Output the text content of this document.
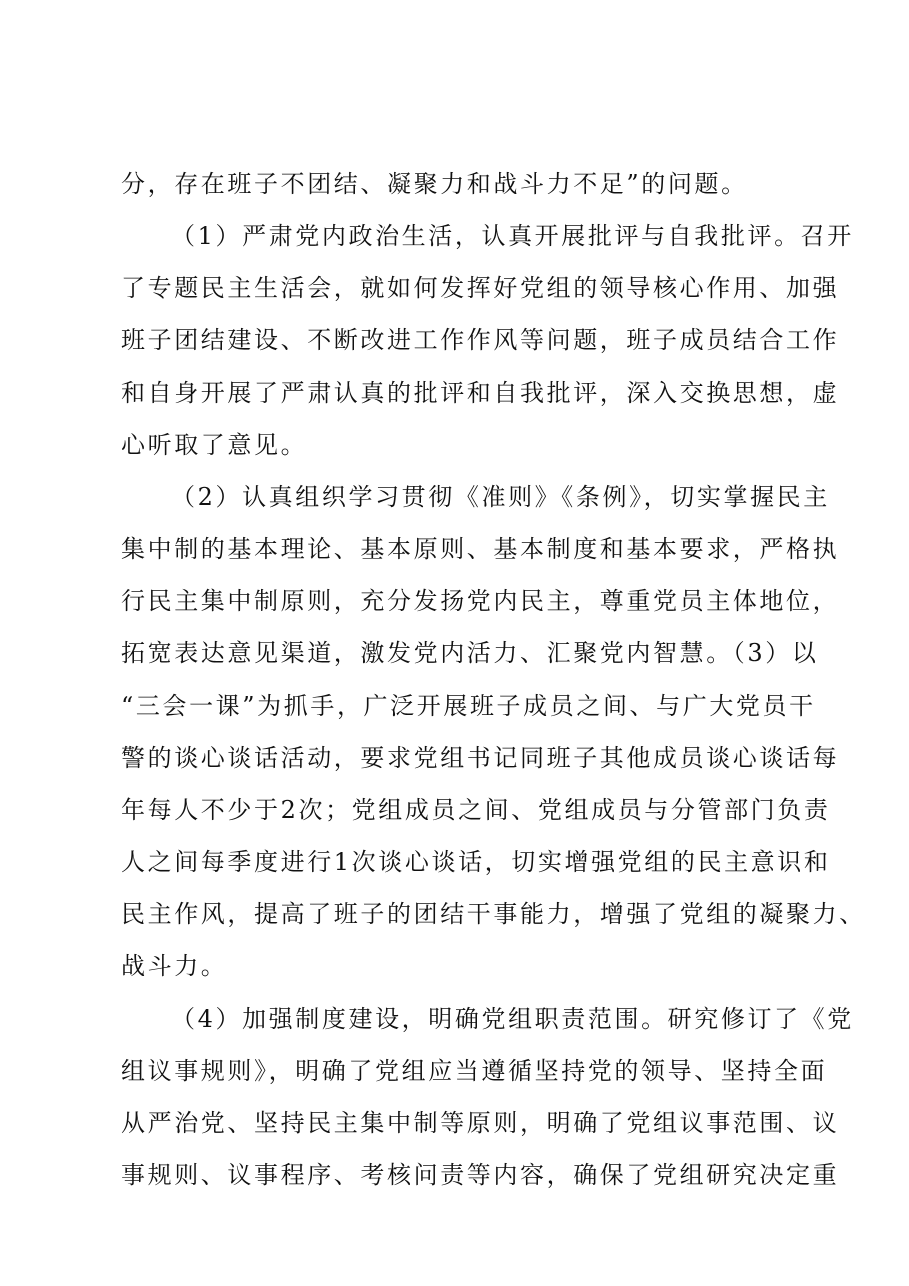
分，存在班子不团结、凝聚力和战斗力不足”的问题。
（1）严肃党内政治生活，认真开展批评与自我批评。召开
了专题民主生活会，就如何发挥好党组的领导核心作用、加强
班子团结建设、不断改进工作作风等问题，班子成员结合工作
和自身开展了严肃认真的批评和自我批评，深入交换思想，虚
心听取了意见。
（2）认真组织学习贯彻《准则》《条例》，切实掌握民主
集中制的基本理论、基本原则、基本制度和基本要求，严格执
行民主集中制原则，充分发扬党内民主，尊重党员主体地位，
拓宽表达意见渠道，激发党内活力、汇聚党内智慧。（3）以
“三会一课”为抓手，广泛开展班子成员之间、与广大党员干
警的谈心谈话活动，要求党组书记同班子其他成员谈心谈话每
年每人不少于2次；党组成员之间、党组成员与分管部门负责
人之间每季度进行1次谈心谈话，切实增强党组的民主意识和
民主作风，提高了班子的团结干事能力，增强了党组的凝聚力、
战斗力。
（4）加强制度建设，明确党组职责范围。研究修订了《党
组议事规则》，明确了党组应当遵循坚持党的领导、坚持全面
从严治党、坚持民主集中制等原则，明确了党组议事范围、议
事规则、议事程序、考核问责等内容，确保了党组研究决定重
